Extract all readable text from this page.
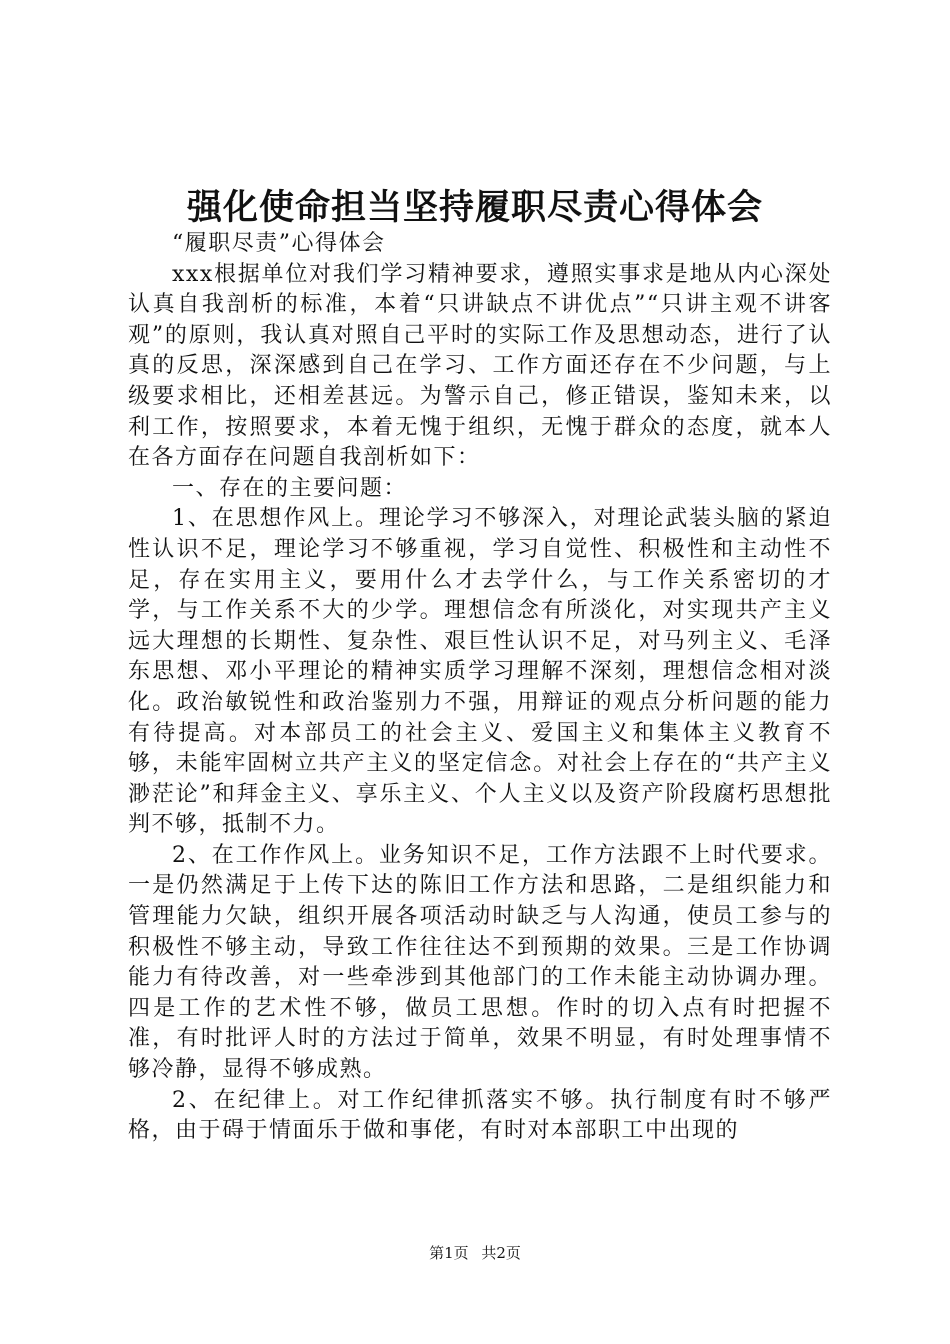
强化使命担当坚持履职尽责心得体会

“履职尽责”心得体会

xxx根据单位对我们学习精神要求，遵照实事求是地从内心深处认真自我剖析的标准，本着“只讲缺点不讲优点”“只讲主观不讲客观”的原则，我认真对照自己平时的实际工作及思想动态，进行了认真的反思，深深感到自己在学习、工作方面还存在不少问题，与上级要求相比，还相差甚远。为警示自己，修正错误，鉴知未来，以利工作，按照要求，本着无愧于组织，无愧于群众的态度，就本人在各方面存在问题自我剖析如下：

一、存在的主要问题：

1、在思想作风上。理论学习不够深入，对理论武装头脑的紧迫性认识不足，理论学习不够重视，学习自觉性、积极性和主动性不足，存在实用主义，要用什么才去学什么，与工作关系密切的才学，与工作关系不大的少学。理想信念有所淡化，对实现共产主义远大理想的长期性、复杂性、艰巨性认识不足，对马列主义、毛泽东思想、邓小平理论的精神实质学习理解不深刻，理想信念相对淡化。政治敏锐性和政治鉴别力不强，用辩证的观点分析问题的能力有待提高。对本部员工的社会主义、爱国主义和集体主义教育不够，未能牢固树立共产主义的坚定信念。对社会上存在的“共产主义渺茫论”和拜金主义、享乐主义、个人主义以及资产阶段腐朽思想批判不够，抵制不力。

2、在工作作风上。业务知识不足，工作方法跟不上时代要求。一是仍然满足于上传下达的陈旧工作方法和思路，二是组织能力和管理能力欠缺，组织开展各项活动时缺乏与人沟通，使员工参与的积极性不够主动，导致工作往往达不到预期的效果。三是工作协调能力有待改善，对一些牵涉到其他部门的工作未能主动协调办理。四是工作的艺术性不够，做员工思想。作时的切入点有时把握不准，有时批评人时的方法过于简单，效果不明显，有时处理事情不够冷静，显得不够成熟。

2、在纪律上。对工作纪律抓落实不够。执行制度有时不够严格，由于碍于情面乐于做和事佬，有时对本部职工中出现的

第1页 共2页
